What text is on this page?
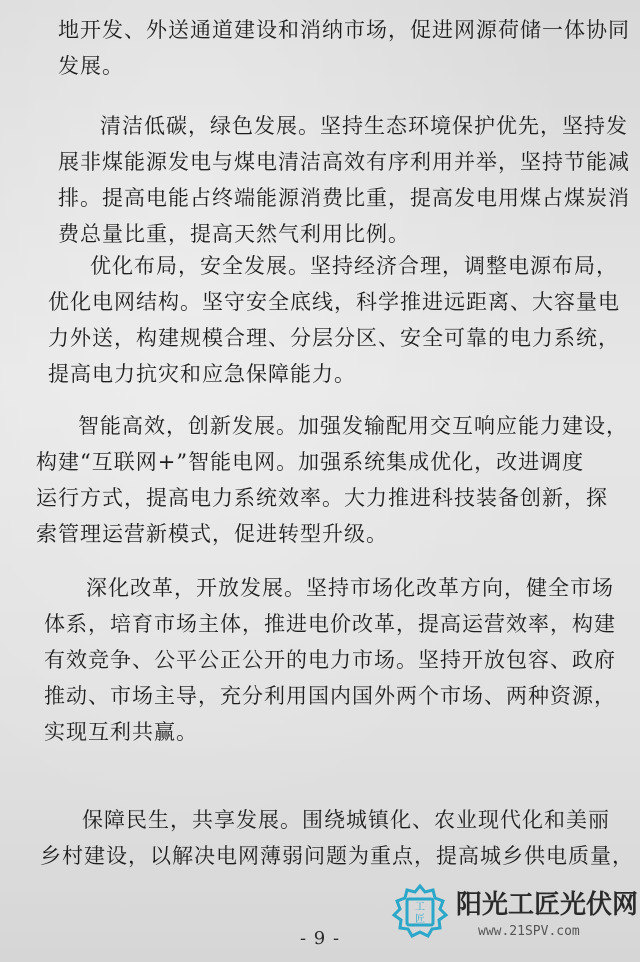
地开发、外送通道建设和消纳市场，促进网源荷储一体协同
发展。
清洁低碳，绿色发展。坚持生态环境保护优先，坚持发
展非煤能源发电与煤电清洁高效有序利用并举，坚持节能减
排。提高电能占终端能源消费比重，提高发电用煤占煤炭消
费总量比重，提高天然气利用比例。
优化布局，安全发展。坚持经济合理，调整电源布局，
优化电网结构。坚守安全底线，科学推进远距离、大容量电
力外送，构建规模合理、分层分区、安全可靠的电力系统，
提高电力抗灾和应急保障能力。
智能高效，创新发展。加强发输配用交互响应能力建设，
构建“互联网+”智能电网。加强系统集成优化，改进调度
运行方式，提高电力系统效率。大力推进科技装备创新，探
索管理运营新模式，促进转型升级。
深化改革，开放发展。坚持市场化改革方向，健全市场
体系，培育市场主体，推进电价改革，提高运营效率，构建
有效竞争、公平公正公开的电力市场。坚持开放包容、政府
推动、市场主导，充分利用国内国外两个市场、两种资源，
实现互利共赢。
保障民生，共享发展。围绕城镇化、农业现代化和美丽
乡村建设，以解决电网薄弱问题为重点，提高城乡供电质量，
- 9 -
工
匠 阳光工匠光伏网
www.21SPV.com
